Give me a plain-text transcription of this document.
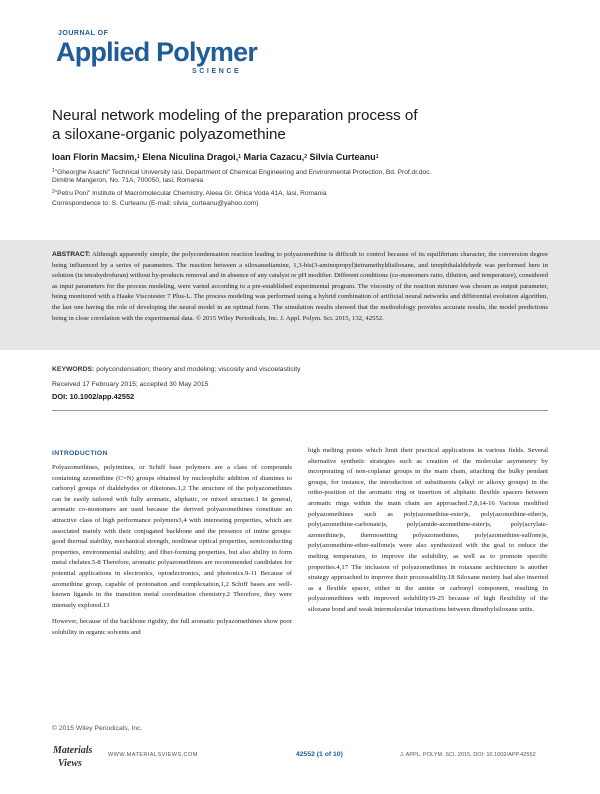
JOURNAL OF
Applied Polymer
SCIENCE
Neural network modeling of the preparation process of
a siloxane-organic polyazomethine
Ioan Florin Macsim,$^1$ Elena Niculina Dragoi,$^1$ Maria Cazacu,$^2$ Silvia Curteanu$^1$
$^1$"Gheorghe Asachi" Technical University Iasi, Department of Chemical Engineering and Environmental Protection, Bd. Prof.dr.doc.
Dimitrie Mangeron, No. 71A, 700050, Iasi, Romania
$^2$"Petru Poni" Institute of Macromolecular Chemistry, Aleea Gr. Ghica Voda 41A, Iasi, Romania
Correspondence to: S. Curteanu (E-mail: silvia_curteanu@yahoo.com)
ABSTRACT: Although apparently simple, the polycondensation reaction leading to polyazomethine is difficult to control because of its equilibrium character, the conversion degree being influenced by a series of parameters. The reaction between a siloxanediamine, 1,3-bis(3-aminopropyl)tetramethyldisiloxane, and terephthalaldehyde was performed here in solution (in tetrahydrofuran) without by-products removal and in absence of any catalyst or pH modifier. Different conditions (co-monomers ratio, dilution, and temperature), considered as input parameters for the process modeling, were varied according to a pre-established experimental program. The viscosity of the reaction mixture was chosen as output parameter, being monitored with a Haake Viscotester 7 Plus-L. The process modeling was performed using a hybrid combination of artificial neural networks and differential evolution algorithm, the last one having the role of developing the neural model in an optimal form. The simulation results showed that the methodology provides accurate results, the model predictions being in close correlation with the experimental data. © 2015 Wiley Periodicals, Inc. J. Appl. Polym. Sci. 2015, 132, 42552.
KEYWORDS: polycondensation; theory and modeling; viscosity and viscoelasticity
Received 17 February 2015; accepted 30 May 2015
DOI: 10.1002/app.42552
INTRODUCTION

Polyazomethines, polyimines, or Schiff base polymers are a class of compounds containing azomethine (C=N) groups obtained by nucleophilic addition of diamines to carbonyl groups of dialdehydes or diketones.1,2 The structure of the polyazomethines can be easily tailored with fully aromatic, aliphatic, or mixed structure.1 In general, aromatic co-monomers are used because the derived polyazomethines constitute an attractive class of high performance polymers3,4 with interesting properties, which are associated mainly with their conjugated backbone and the presence of imine groups: good thermal stability, mechanical strength, nonlinear optical properties, semiconducting properties, environmental stability, and fiber-forming properties, but also ability to form metal chelates.5-8 Therefore, aromatic polyazomethines are recommended candidates for potential applications in electronics, optoelectronics, and photonics.9-11 Because of azomethine group, capable of protonation and complexation,1,2 Schiff bases are well-known ligands in the transition metal coordination chemistry.2 Therefore, they were intensely explored.13

However, because of the backbone rigidity, the full aromatic polyazomethines show poor solubility in organic solvents and

high melting points which limit their practical applications in various fields. Several alternative synthetic strategies such as creation of the molecular asymmetry by incorporating of non-coplanar groups in the main chain, attaching the bulky pendant groups, for instance, the introduction of substituents (alkyl or alkoxy groups) in the ortho-position of the aromatic ring or insertion of aliphatic flexible spacers between aromatic rings within the main chain are approached.7,8,14-16 Various modified polyazomethines such as poly(azomethine-ester)s, poly(azomethine-ether)s, poly(azomethine-carbonate)s, poly(amide-azomethine-ester)s, poly(acrylate-azomethine)s, thermosetting polyazomethines, poly(azomethine-sulfone)s, poly(azomethine-ether-sulfone)s were also synthesized with the goal to reduce the melting temperature, to improve the solubility, as well as to promote specific properties.4,17 The inclusion of polyazomethines in rotaxane architecture is another strategy approached to improve their processability.18 Siloxane moiety had also inserted as a flexible spacer, either in the amine or carbonyl component, resulting in polyazomethines with improved solubility19-25 because of high flexibility of the siloxane bond and weak intermolecular interactions between dimethylsiloxane units.

© 2015 Wiley Periodicals, Inc.
Materials
Views
WWW.MATERIALSVIEWS.COM	42552 (1 of 10)	J. APPL. POLYM. SCI. 2015, DOI: 10.1002/APP.42552
